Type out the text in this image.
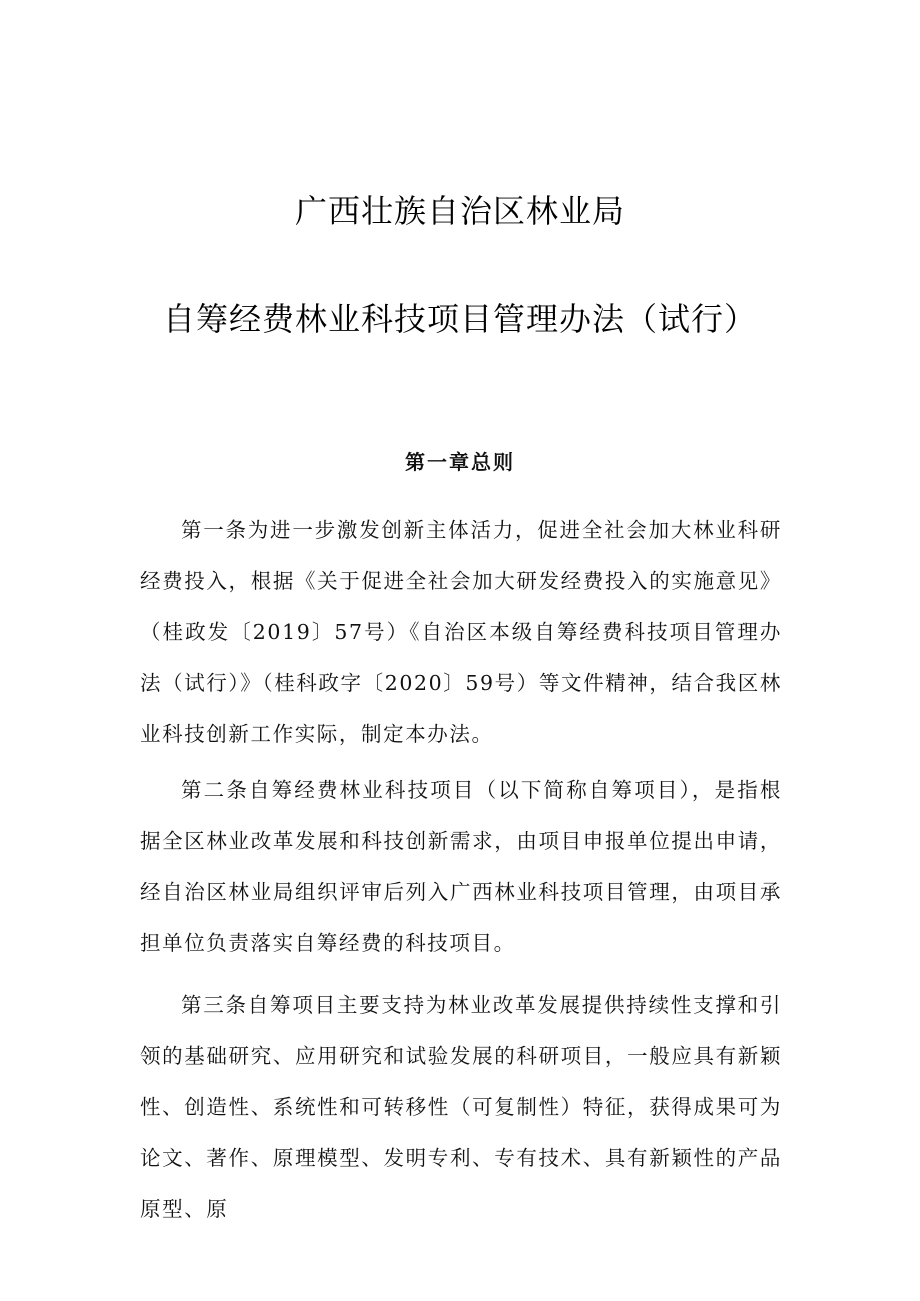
广西壮族自治区林业局
自筹经费林业科技项目管理办法（试行）
第一章总则

第一条为进一步激发创新主体活力，促进全社会加大林业科研经费投入，根据《关于促进全社会加大研发经费投入的实施意见》（桂政发〔2019〕57号）《自治区本级自筹经费科技项目管理办法（试行）》（桂科政字〔2020〕59号）等文件精神，结合我区林业科技创新工作实际，制定本办法。

第二条自筹经费林业科技项目（以下简称自筹项目），是指根据全区林业改革发展和科技创新需求，由项目申报单位提出申请，经自治区林业局组织评审后列入广西林业科技项目管理，由项目承担单位负责落实自筹经费的科技项目。

第三条自筹项目主要支持为林业改革发展提供持续性支撑和引领的基础研究、应用研究和试验发展的科研项目，一般应具有新颖性、创造性、系统性和可转移性（可复制性）特征，获得成果可为论文、著作、原理模型、发明专利、专有技术、具有新颖性的产品原型、原
